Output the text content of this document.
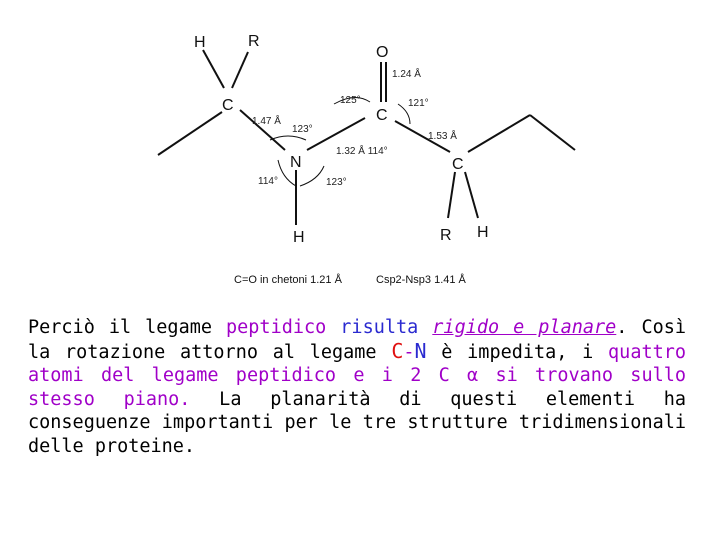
H	R
O
C
C
N	C
H	R H
1.24 Å
125°	121°
1.47 Å
123°
1.53 Å
1.32 Å 114°
114°	123°
C=O in chetoni 1.21 Å	Csp2-Nsp3 1.41 Å

Perciò il legame peptidico risulta rigido e planare. Così la rotazione attorno al legame C-N è impedita, i quattro atomi del legame peptidico e i 2 C α si trovano sullo stesso piano. La planarità di questi elementi ha conseguenze importanti per le tre strutture tridimensionali delle proteine.
